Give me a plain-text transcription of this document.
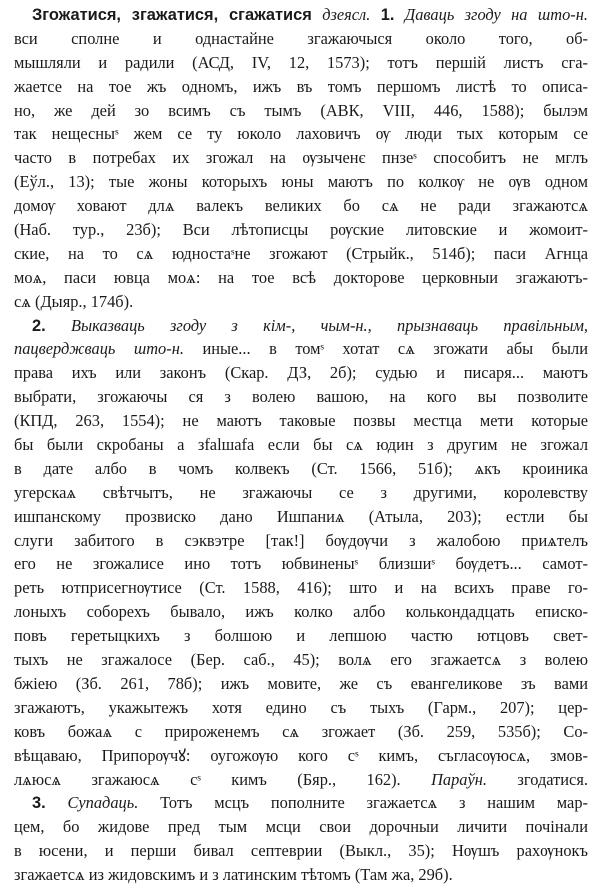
Згожатися, згажатися, сгажатися дзеясл. 1. Даваць згоду на што-н.
вси сполне и однастайне згажаючыся около того, об-
мышляли и радили (АСД, IV, 12, 1573); тотъ першій листъ сга-
жаетсе на тое жъ одномъ, ижъ въ томъ першомъ листѣ то описа-
но, же дей зо всимъ съ тымъ (АВК, VIII, 446, 1588); былэм
так нещесныˢ жем се ту юколо лаховичъ ѹ люди тых которым се
часто в потребах их згожал на ѹзыченє пнзеˢ способитъ не мглъ
(Еўл., 13); тые жоны которыхъ юны маютъ по колкѹ не ѹв одном
домѹ ховают длѧ валекъ великих бо сѧ не ради згажаютсѧ
(Наб. тур., 23б); Вси лѣтописцы рѹские литовские и жомоит-
ские, на то сѧ юдностаˢне згожают (Стрыйк., 514б); паси Агнца
моѧ, паси ювца моѧ: на тое всѣ докторове церковныи згажаютъ-
сѧ (Дыяр., 174б).
2. Выказваць згоду з кім-, чым-н., прызнаваць правільным,
пацверджваць што-н. иные... в томˢ хотат сѧ згожати абы были
права ихъ или законъ (Скар. ДЗ, 2б); судью и писаря... маютъ
выбрати, згожаючы ся з волею вашою, на кого вы позволите
(КПД, 263, 1554); не маютъ таковые позвы местца мети которые
бы были скробаны а зfalшаfа если бы сѧ юдин з другим не згожал
в дате албо в чомъ колвекъ (Ст. 1566, 51б); ѧкъ кроиника
угерскаѧ свѣтчытъ, не згажаючы се з другими, королевству
ишпанскому прозвиско дано Ишпаниѧ (Атыла, 203); естли бы
слуги забитого в сэквэтре [так!] бѹдѹчи з жалобою приѧтелъ
его не згожалисе ино тотъ юбвиненыˢ близшиˢ бѹдетъ... самот-
реть ютприсегнѹтисе (Ст. 1588, 416); што и на всихъ праве го-
лоныхъ соборехъ бывало, ижъ колко албо колькондадцать еписко-
повъ геретыцкихъ з болшою и лепшою частю ютцовъ свет-
тыхъ не згажалосе (Бер. саб., 45); волѧ его згажаетсѧ з волею
бжіею (Зб. 261, 78б); ижъ мовите, же съ евангеликове зъ вами
згажаютъ, укажытежъ хотя едино съ тыхъ (Гарм., 207); цер-
ковъ божаѧ с прироженемъ сѧ згожает (Зб. 259, 535б); Со-
вѣщаваю, Припорѹчꙋ: оугожѹю кого сˢ кимъ, съгласѹюсѧ, змов-
лѧюсѧ згажаюсѧ сˢ кимъ (Бяр., 162). Параўн. згодатися.
3. Супадаць. Тотъ мсцъ пополните згажаетсѧ з нашим мар-
цем, бо жидове пред тым мсци свои дорочныи личити почінали
в юсени, и перши бивал септеврии (Выкл., 35); Нѹшъ рахѹнокъ
згажаетсѧ из жидовскимъ и з латинским тѣтомъ (Там жа, 29б).
